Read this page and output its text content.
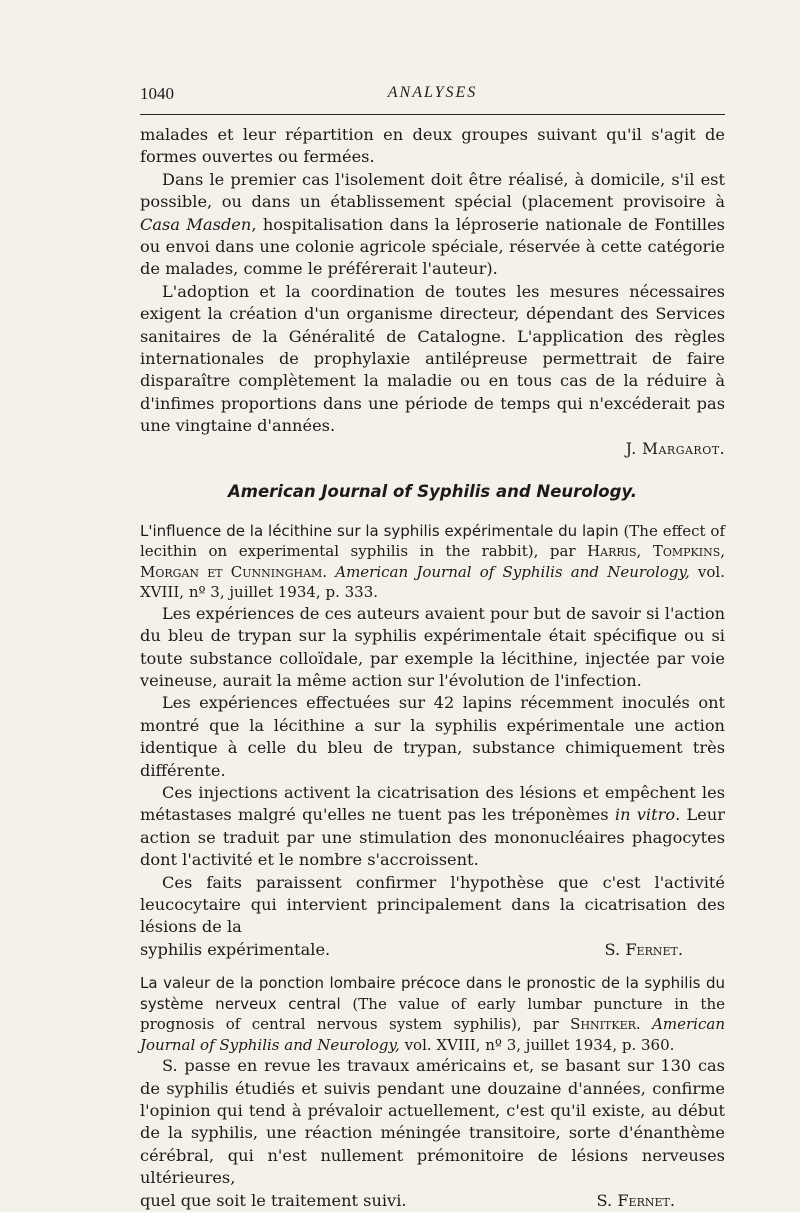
1040	ANALYSES

malades et leur répartition en deux groupes suivant qu'il s'agit de formes ouvertes ou fermées.

Dans le premier cas l'isolement doit être réalisé, à domicile, s'il est possible, ou dans un établissement spécial (placement provisoire à Casa Masden, hospitalisation dans la léproserie nationale de Fontilles ou envoi dans une colonie agricole spéciale, réservée à cette catégorie de malades, comme le préférerait l'auteur).

L'adoption et la coordination de toutes les mesures nécessaires exigent la création d'un organisme directeur, dépendant des Services sanitaires de la Généralité de Catalogne. L'application des règles internationales de prophylaxie antilépreuse permettrait de faire disparaître complètement la maladie ou en tous cas de la réduire à d'infimes proportions dans une période de temps qui n'excéderait pas une vingtaine d'années.

J. Margarot.
American Journal of Syphilis and Neurology.
L'influence de la lécithine sur la syphilis expérimentale du lapin (The effect of lecithin on experimental syphilis in the rabbit), par Harris, Tompkins, Morgan et Cunningham. American Journal of Syphilis and Neurology, vol. XVIII, nº 3, juillet 1934, p. 333.

Les expériences de ces auteurs avaient pour but de savoir si l'action du bleu de trypan sur la syphilis expérimentale était spécifique ou si toute substance colloïdale, par exemple la lécithine, injectée par voie veineuse, aurait la même action sur l'évolution de l'infection.

Les expériences effectuées sur 42 lapins récemment inoculés ont montré que la lécithine a sur la syphilis expérimentale une action identique à celle du bleu de trypan, substance chimiquement très différente.

Ces injections activent la cicatrisation des lésions et empêchent les métastases malgré qu'elles ne tuent pas les tréponèmes in vitro. Leur action se traduit par une stimulation des mononucléaires phagocytes dont l'activité et le nombre s'accroissent.

Ces faits paraissent confirmer l'hypothèse que c'est l'activité leucocytaire qui intervient principalement dans la cicatrisation des lésions de la

syphilis expérimentale.	S. Fernet.
La valeur de la ponction lombaire précoce dans le pronostic de la syphilis du système nerveux central (The value of early lumbar puncture in the prognosis of central nervous system syphilis), par Shnitker. American Journal of Syphilis and Neurology, vol. XVIII, nº 3, juillet 1934, p. 360.

S. passe en revue les travaux américains et, se basant sur 130 cas de syphilis étudiés et suivis pendant une douzaine d'années, confirme l'opinion qui tend à prévaloir actuellement, c'est qu'il existe, au début de la syphilis, une réaction méningée transitoire, sorte d'énanthème cérébral, qui n'est nullement prémonitoire de lésions nerveuses ultérieures,

quel que soit le traitement suivi.	S. Fernet.
